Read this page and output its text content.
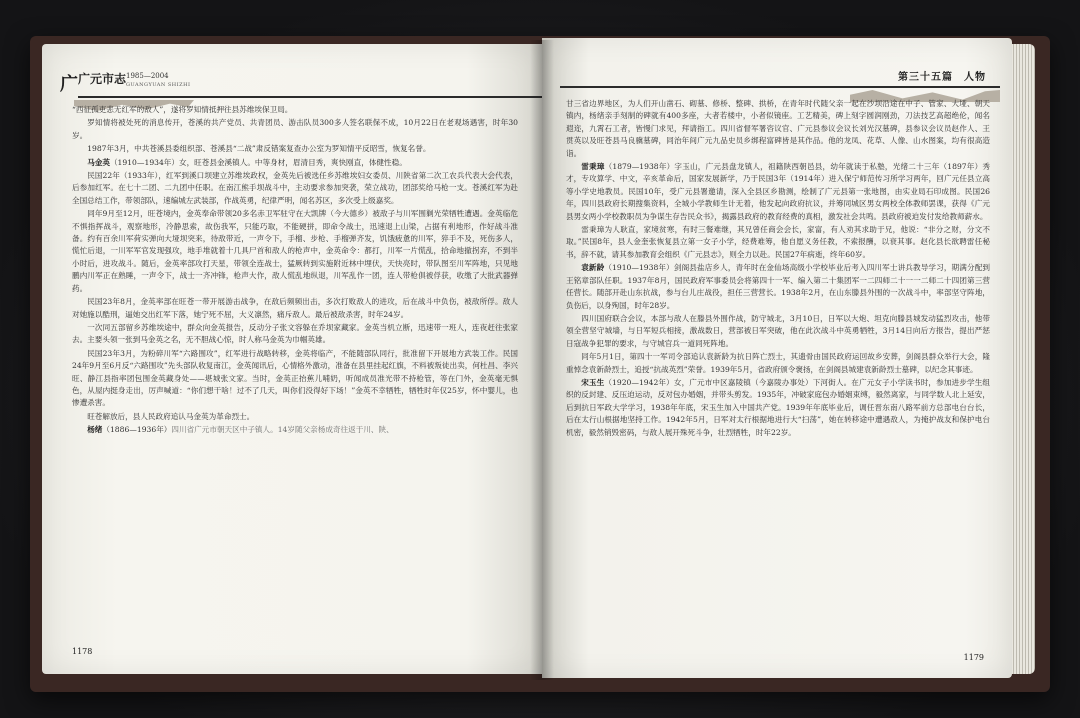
⼴ 广元市志 1985—2004
GUANGYUAN SHIZHI

“西征孤吏悲无红军的敌人”，遂将罗知情抵押往县苏维埃保卫局。

罗知情将被处死的消息传开，苍溪的共产党员、共青团员、游击队员300多人签名联保不成，10月22日在老观场遇害，时年30岁。

1987年3月，中共苍溪县委组织部、苍溪县“二战”肃反错案复查办公室为罗知情平反昭雪，恢复名誉。

马金英（1910—1934年）女，旺苍县金溪镇人。中等身材，眉清目秀，爽快刚直，体健性稳。

民国22年（1933年），红军到溪口坝建立苏维埃政权，金英先后被选任乡苏维埃妇女委员、川陕省第二次工农兵代表大会代表，后参加红军。在七十二团、二九团中任职。在南江熊手坝战斗中，主动要求参加突袭，荣立战功，团部奖给马枪一支。苍溪红军为赴全国总结工作，带领部队，速编城左武装部，作战英勇，纪律严明，闻名苏区，多次受上级嘉奖。

同年9月至12月，旺苍境内，金英奉命带领20多名赤卫军驻守在大凯牌（今大德乡）被敌子与川军围剿光荣牺牲遭遇。金英临危不惧指挥战斗，观察地形，冷静思索，故伤我军，只能巧取，不能硬拼，即命令战士，迅速退上山梁，占据有利地形，作好战斗准备。约有百余川军荷实弹向大垭坝突来，待敌带近，一声令下，手榴、步枪、手榴弹齐发，饥饿疲惫的川军，猝手不及，死伤多人，慌忙后退，一川军军官发现强攻，地手堆就着十几具尸首和敌人的枪声中，金英命令：都打，川军一片慌乱，拾命地撤拐弃，不到半小时后，进攻战斗。随后，金英率部攻打天星，带领全连战士，猛厥转到实施附近林中埋伏，天快亮时，带队图至川军阵地，只见地鹏内川军正在熟睡，一声令下，战士一齐冲锋，枪声大作，敌人慌乱地纵退，川军乱作一团，连人带枪俱被俘获，收缴了大批武器弹药。

民国23年8月，金英率部在旺苍一带开展游击战争，在敌后频频出击，多次打败敌人的进攻，后在战斗中负伤，被敌所俘。敌人对她施以酷刑，逼她交出红军下落，她宁死不屈，大义凛然，痛斥敌人。最后被敌杀害，时年24岁。

一次同五部留乡苏维埃途中，群众向金英报告，反动分子张文容躲在乔坝家藏家。金英当机立断，迅速带一班人，连夜赶往张家去。主要头领一张到马金英之名，无不胆战心惊，时人称马金英为巾帼英雄。

民国23年3月，为粉碎川军“六路围攻”，红军进行战略转移，金英将临产，不能随部队同行，批准留下开展地方武装工作。民国24年9月至6月反“六路围攻”先头部队收复南江，金英闻讯后，心情格外激动，准备在县里挂起红旗，不料被叛徒出卖，何杜昌、李兴旺、静江县指率团包围金英藏身处——堪城张文家。当时，金英正抬蕉儿哺奶，听闻成员准光带不持枪管，等在门外，金英毫无惧色，从屋内挺身走出，厉声喊道：“你们想干啥！过不了几天，叫你们没得好下场！”金英不幸牺牲，牺牲时年仅25岁，怀中婴儿，也惨遭杀害。

旺苍解放后，县人民政府追认马金英为革命烈士。

杨绪（1886—1936年）四川省广元市朝天区中子镇人。14岁随父亲杨成奇往返于川、陕、

1178
第三十五篇　人物

甘三省边界地区，为人们开山凿石、砌墓、修桥、整碑、拱桥，在青年时代随父亲一起在沙坝沿途在中子、管家、大垭、朝天镇内，杨绪亲手刻制的碑就有400多座，大者若楼中，小者似镜座。工艺精美，碑上刻字圆润刚劲，刀法技艺高超绝伦，闻名遐迩，九霄石工者，皆慢门求见，拜请指工。四川省督军署咨议官、广元县参议会议长刘光汉墓碑，县参议会议员赵作人、王贯英以及旺苍县马良骥墓碑，同治年间广元九品史员乡绑程富碑皆是其作品。他的龙凤、花草、人像、山水图案，均有很高造诣。

雷秉璋（1879—1938年）字玉山，广元县盘龙镇人，祖籍陕西朝邑县，幼年就读于私塾，光绪二十三年（1897年）秀才，专攻算学、中文，辛亥革命后，国家发展新学，乃于民国3年（1914年）进入保宁师范传习所学习两年，回广元任县立高等小学史地教员。民国10年，受广元县署邀请，深入全县区乡勘测，绘制了广元县第一张地图，由实业局石印成图。民国26年，四川县政府长期搜集资料，全城小学教师生计无着，他发起向政府抗议，并筹同城区男女两校全体教师罢课，获得《广元县男女两小学校教职员为争谋生存告民众书》，揭露县政府的教育经费的真相，激发社会共鸣。县政府被迫发付发给教师薪水。

雷秉璋为人耿直，家境贫寒，有时三餐难继，其兄曾任商会会长，家富，有人劝其求助于兄，他说：“非分之财，分文不取。”民国8年，县人金奎张恢复县立第一女子小学，经费难筹，他自愿义务任教，不索报酬，以衰其事。赵化县长欲聘雷任秘书，辞不就，请其参加教育会组织《广元县志》，则全力以赴。民国27年病逝，终年60岁。

袁新龄（1910—1938年）剑阁县盐店乡人，青年时在金仙场高级小学校毕业后考入四川军士讲兵教导学习，期满分配到王铭章部队任职。1937年8月，国民政府军事委员会将第四十一军、编入第二十集团军一二四师二十一一二师二十四团第三营任营长。随部开赴山东抗战，参与台儿庄战役，担任三营营长。1938年2月，在山东滕县外围的一次战斗中，率部坚守阵地，负伤后，以身殉国，时年28岁。

四川国府联合会议，本部与敌人在滕县外围作战，防守城北，3月10日，日军以大炮、坦克向滕县城发动猛烈攻击，他带领全营坚守城墙，与日军短兵相接，激战数日，营部被日军突破，他在此次战斗中英勇牺牲，3月14日向后方报告，提出严惩日寇战争犯罪的要求，与守城官兵一道同死阵地。

同年5月1日，第四十一军司令部追认袁新龄为抗日阵亡烈士，其遗骨由国民政府运回故乡安葬，剑阁县群众举行大会，隆重悼念袁新龄烈士，追授“抗战英烈”荣誉。1939年5月，省政府颁令褒扬，在剑阁县城建袁新龄烈士墓碑，以纪念其事迹。

宋玉生（1920—1942年）女，广元市中区嘉陵镇（今嘉陵办事处）下河街人。在广元女子小学读书时，参加进步学生组织的反封建、反压迫运动，反对包办婚姻，并带头剪发。1935年，冲破家庭包办婚姻束缚，毅然离家，与同学数人北上延安，后到抗日军政大学学习，1938年年底，宋玉生加入中国共产党。1939年年底毕业后，调任晋东南八路军前方总部电台台长，后在太行山根据地坚持工作。1942年5月，日军对太行根据地进行大“扫荡”，她在转移途中遭遇敌人，为掩护战友和保护电台机密，毅然销毁密码，与敌人展开殊死斗争，壮烈牺牲，时年22岁。

1179
